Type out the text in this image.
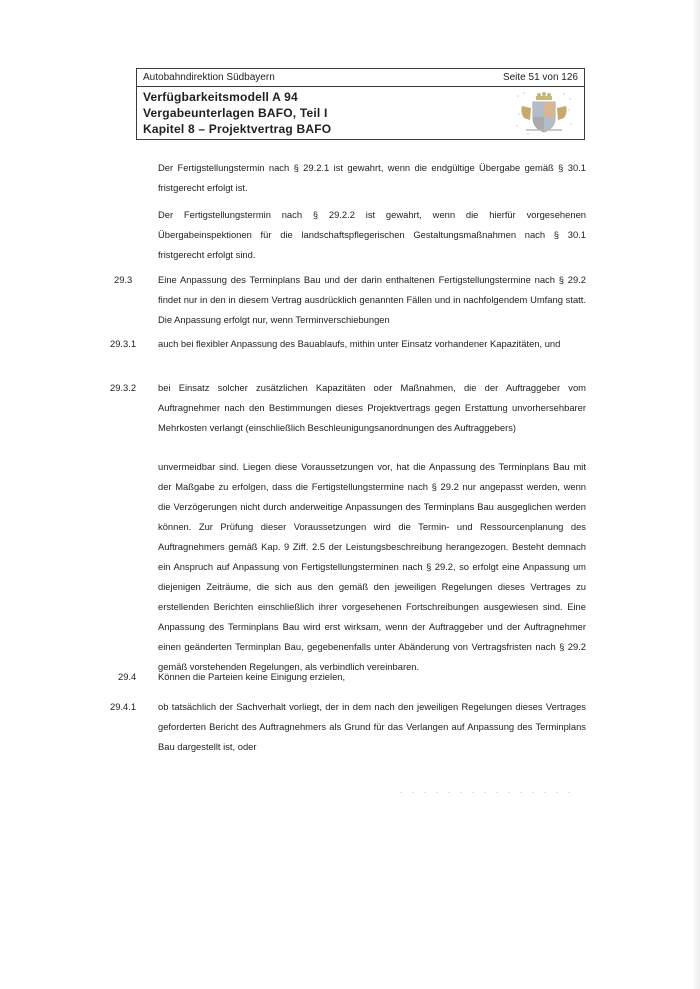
Autobahndirektion Südbayern	Seite 51 von 126
Verfügbarkeitsmodell A 94
Vergabeunterlagen BAFO, Teil I
Kapitel 8 – Projektvertrag BAFO
Der Fertigstellungstermin nach § 29.2.1 ist gewahrt, wenn die endgültige Übergabe gemäß § 30.1 fristgerecht erfolgt ist.
Der Fertigstellungstermin nach § 29.2.2 ist gewahrt, wenn die hierfür vorgesehenen Übergabeinspektionen für die landschaftspflegerischen Gestaltungsmaßnahmen nach § 30.1 fristgerecht erfolgt sind.
29.3	Eine Anpassung des Terminplans Bau und der darin enthaltenen Fertigstellungstermine nach § 29.2 findet nur in den in diesem Vertrag ausdrücklich genannten Fällen und in nachfolgendem Umfang statt. Die Anpassung erfolgt nur, wenn Terminverschiebungen
29.3.1 auch bei flexibler Anpassung des Bauablaufs, mithin unter Einsatz vorhandener Kapazitäten, und
29.3.2 bei Einsatz solcher zusätzlichen Kapazitäten oder Maßnahmen, die der Auftraggeber vom Auftragnehmer nach den Bestimmungen dieses Projektvertrags gegen Erstattung unvorhersehbarer Mehrkosten verlangt (einschließlich Beschleunigungsanordnungen des Auftraggebers)
unvermeidbar sind. Liegen diese Voraussetzungen vor, hat die Anpassung des Terminplans Bau mit der Maßgabe zu erfolgen, dass die Fertigstellungstermine nach § 29.2 nur angepasst werden, wenn die Verzögerungen nicht durch anderweitige Anpassungen des Terminplans Bau ausgeglichen werden können. Zur Prüfung dieser Voraussetzungen wird die Termin- und Ressourcenplanung des Auftragnehmers gemäß Kap. 9 Ziff. 2.5 der Leistungsbeschreibung herangezogen. Besteht demnach ein Anspruch auf Anpassung von Fertigstellungsterminen nach § 29.2, so erfolgt eine Anpassung um diejenigen Zeiträume, die sich aus den gemäß den jeweiligen Regelungen dieses Vertrages zu erstellenden Berichten einschließlich ihrer vorgesehenen Fortschreibungen ausgewiesen sind. Eine Anpassung des Terminplans Bau wird erst wirksam, wenn der Auftraggeber und der Auftragnehmer einen geänderten Terminplan Bau, gegebenenfalls unter Abänderung von Vertragsfristen nach § 29.2 gemäß vorstehenden Regelungen, als verbindlich vereinbaren.
29.4 Können die Parteien keine Einigung erzielen,
29.4.1 ob tatsächlich der Sachverhalt vorliegt, der in dem nach den jeweiligen Regelungen dieses Vertrages geforderten Bericht des Auftragnehmers als Grund für das Verlangen auf Anpassung des Terminplans Bau dargestellt ist, oder
